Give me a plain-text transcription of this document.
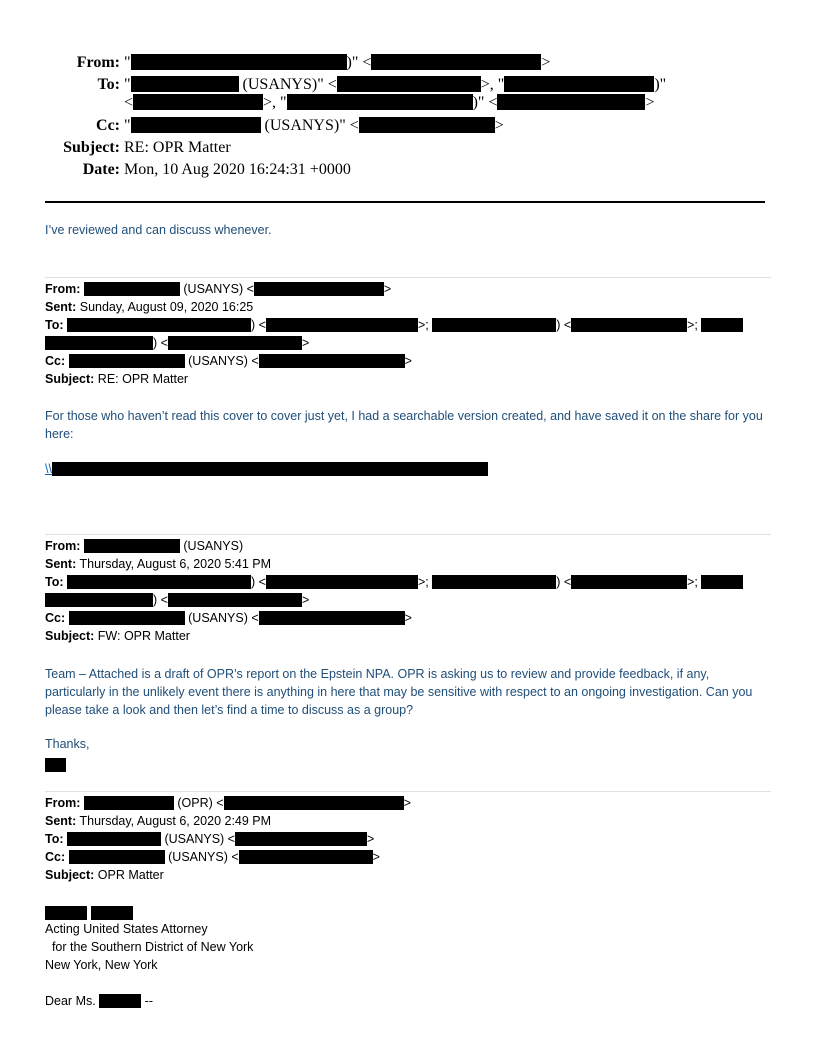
From: "	)" <	>
To: "	(USANYS)" <	>, "	)"
<	>, "	)" <	>
Cc: "	(USANYS)" <	>
Subject: RE: OPR Matter
Date: Mon, 10 Aug 2020 16:24:31 +0000
I’ve reviewed and can discuss whenever.
From:	(USANYS) <	>
Sent: Sunday, August 09, 2020 16:25
To:	) <	>;	) <	>;
) <	>
Cc:	(USANYS) <	>
Subject: RE: OPR Matter
For those who haven’t read this cover to cover just yet, I had a searchable version created, and have saved it on the share for you here:
\\
From:	(USANYS)
Sent: Thursday, August 6, 2020 5:41 PM
To:	) <	>;	) <	>;
) <	>
Cc:	(USANYS) <	>
Subject: FW: OPR Matter
Team – Attached is a draft of OPR’s report on the Epstein NPA. OPR is asking us to review and provide feedback, if any, particularly in the unlikely event there is anything in here that may be sensitive with respect to an ongoing investigation. Can you please take a look and then let’s find a time to discuss as a group?
Thanks,
From:	(OPR) <	>
Sent: Thursday, August 6, 2020 2:49 PM
To:	(USANYS) <	>
Cc:	(USANYS) <	>
Subject: OPR Matter

Acting United States Attorney
for the Southern District of New York
New York, New York
Dear Ms.	--
